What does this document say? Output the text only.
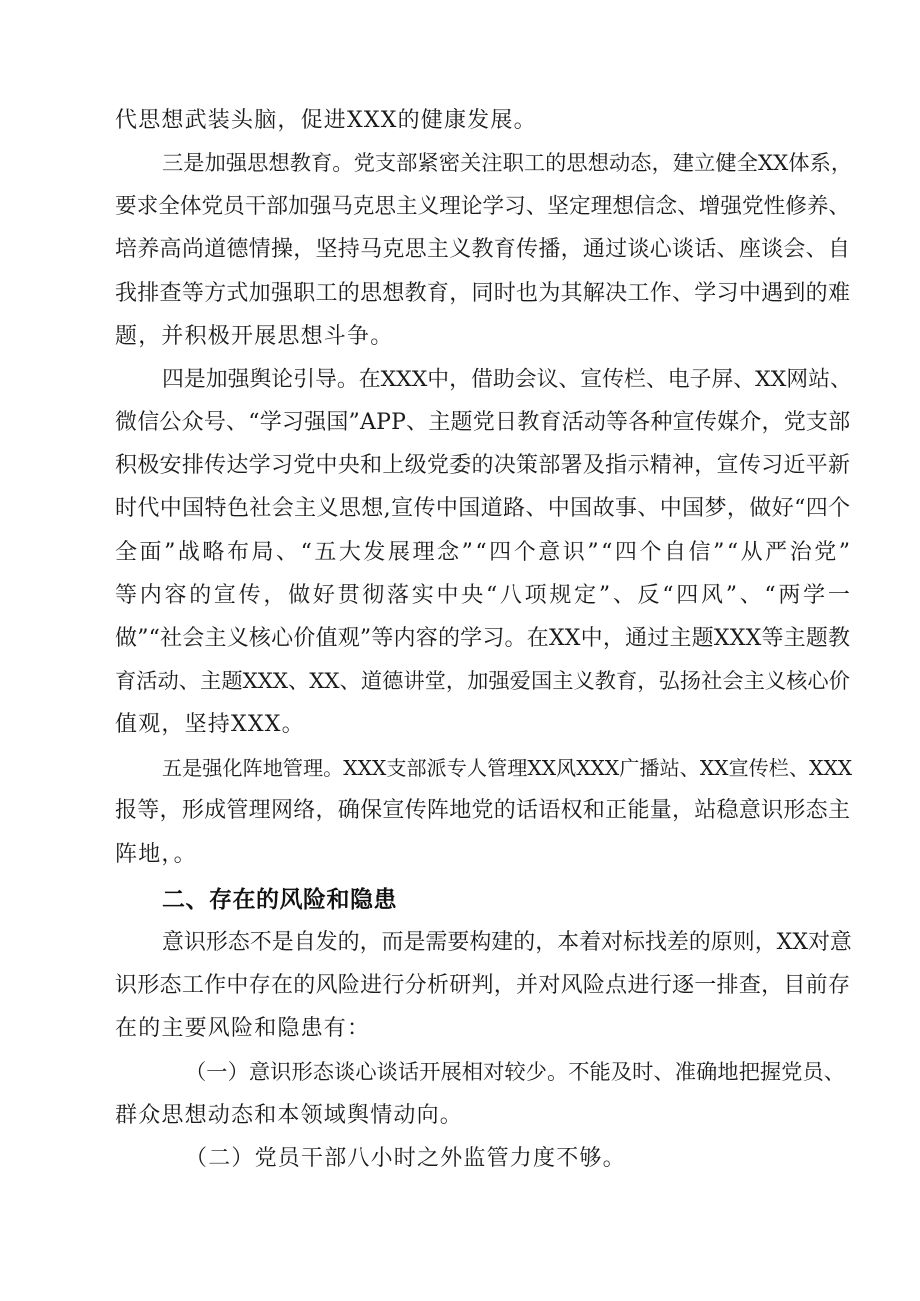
代思想武装头脑，促进XXX的健康发展。

三是加强思想教育。党支部紧密关注职工的思想动态，建立健全XX体系，

要求全体党员干部加强马克思主义理论学习、坚定理想信念、增强党性修养、

培养高尚道德情操，坚持马克思主义教育传播，通过谈心谈话、座谈会、自

我排查等方式加强职工的思想教育，同时也为其解决工作、学习中遇到的难

题，并积极开展思想斗争。

四是加强舆论引导。在XXX中，借助会议、宣传栏、电子屏、XX网站、

微信公众号、“学习强国”APP、主题党日教育活动等各种宣传媒介，党支部

积极安排传达学习党中央和上级党委的决策部署及指示精神，宣传习近平新

时代中国特色社会主义思想,宣传中国道路、中国故事、中国梦，做好“四个

全面”战略布局、“五大发展理念”“四个意识”“四个自信”“从严治党”

等内容的宣传，做好贯彻落实中央“八项规定”、反“四风”、“两学一

做”“社会主义核心价值观”等内容的学习。在XX中，通过主题XXX等主题教

育活动、主题XXX、XX、道德讲堂，加强爱国主义教育，弘扬社会主义核心价

值观，坚持XXX。

五是强化阵地管理。XXX支部派专人管理XX风XXX广播站、XX宣传栏、XXX

报等，形成管理网络，确保宣传阵地党的话语权和正能量，站稳意识形态主

阵地，。

二、存在的风险和隐患

意识形态不是自发的，而是需要构建的，本着对标找差的原则，XX对意

识形态工作中存在的风险进行分析研判，并对风险点进行逐一排查，目前存

在的主要风险和隐患有：

（一）意识形态谈心谈话开展相对较少。不能及时、准确地把握党员、

群众思想动态和本领域舆情动向。

（二）党员干部八小时之外监管力度不够。
